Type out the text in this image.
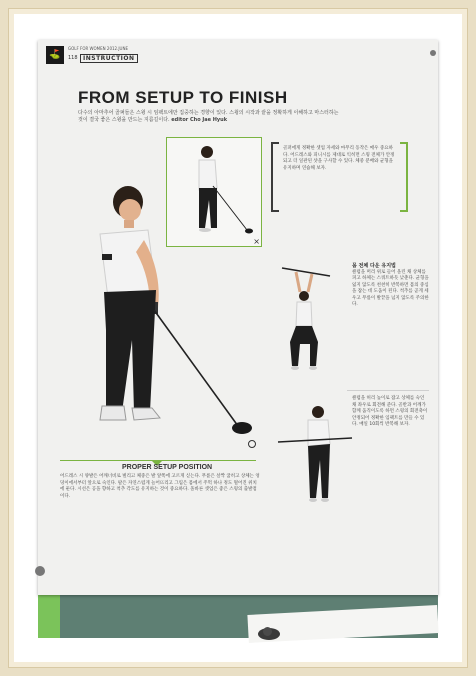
⛳
GOLF FOR WOMEN 2012.JUNE
118 INSTRUCTION
FROM SETUP TO FINISH
다수의 아마추어 골퍼들은 스윙 시 임팩트에만 집중하는 경향이 있다. 스윙의 시작과 끝을 정확하게 이해하고 마스터하는 것이 결국 좋은 스윙을 만드는 지름길이다. editor Cho Jae Hyuk
×
골퍼에게 정확한 셋업 자세와 마무리 동작은 매우 중요하다. 어드레스와 피니시를 제대로 익히면 스윙 전체가 안정되고 더 일관된 샷을 구사할 수 있다. 체중 분배와 균형을 유지하며 연습해 보자.
몸 전체 다운 유지법
클럽을 머리 위로 들어 올린 채 상체를 펴고 하체는 스쿼트하듯 낮춘다. 균형을 잃지 않도록 천천히 반복하면 몸의 중심을 잡는 데 도움이 된다. 척추를 곧게 세우고 무릎이 발끝을 넘지 않도록 주의한다.
클럽을 허리 높이로 잡고 상체를 숙인 채 좌우로 회전해 준다. 골반과 어깨가 함께 움직이도록 하면 스윙의 회전축이 안정되어 정확한 임팩트를 만들 수 있다. 매일 10회씩 반복해 보자.
PROPER SETUP POSITION
어드레스 시 양발은 어깨너비로 벌리고 체중은 발 앞쪽에 고르게 싣는다. 무릎은 살짝 굽히고 상체는 엉덩이에서부터 앞으로 숙인다. 팔은 자연스럽게 늘어뜨리고 그립은 몸에서 주먹 하나 정도 떨어진 위치에 둔다. 시선은 공을 향하고 척추 각도를 유지하는 것이 중요하다. 올바른 셋업은 좋은 스윙의 출발점이다.
